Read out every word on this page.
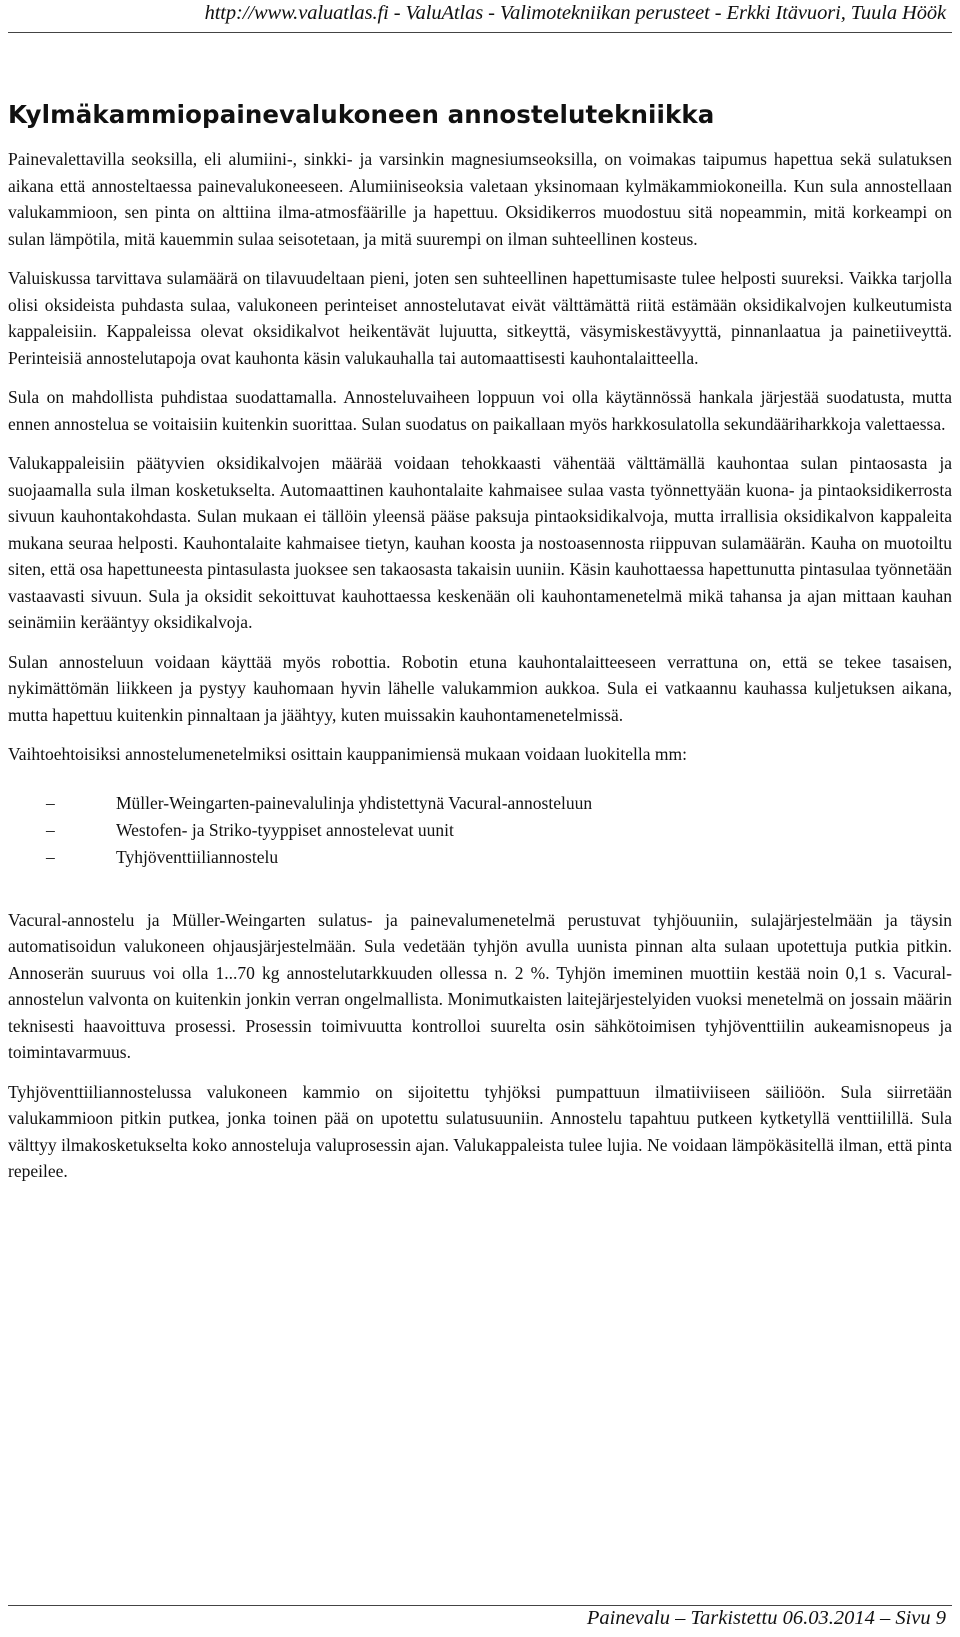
http://www.valuatlas.fi - ValuAtlas - Valimotekniikan perusteet - Erkki Itävuori, Tuula Höök
Kylmäkammiopainevalukoneen annostelutekniikka

Painevalettavilla seoksilla, eli alumiini-, sinkki- ja varsinkin magnesiumseoksilla, on voimakas taipumus hapettua sekä sulatuksen aikana että annosteltaessa painevalukoneeseen. Alumiiniseoksia valetaan yksinomaan kylmäkammiokoneilla. Kun sula annostellaan valukammioon, sen pinta on alttiina ilma-atmosfäärille ja hapettuu. Oksidikerros muodostuu sitä nopeammin, mitä korkeampi on sulan lämpötila, mitä kauemmin sulaa seisotetaan, ja mitä suurempi on ilman suhteellinen kosteus.

Valuiskussa tarvittava sulamäärä on tilavuudeltaan pieni, joten sen suhteellinen hapettumisaste tulee helposti suureksi. Vaikka tarjolla olisi oksideista puhdasta sulaa, valukoneen perinteiset annostelutavat eivät välttämättä riitä estämään oksidikalvojen kulkeutumista kappaleisiin. Kappaleissa olevat oksidikalvot heikentävät lujuutta, sitkeyttä, väsymiskestävyyttä, pinnanlaatua ja painetiiveyttä. Perinteisiä annostelutapoja ovat kauhonta käsin valukauhalla tai automaattisesti kauhontalaitteella.

Sula on mahdollista puhdistaa suodattamalla. Annosteluvaiheen loppuun voi olla käytännössä hankala järjestää suodatusta, mutta ennen annostelua se voitaisiin kuitenkin suorittaa. Sulan suodatus on paikallaan myös harkkosulatolla sekundääriharkkoja valettaessa.

Valukappaleisiin päätyvien oksidikalvojen määrää voidaan tehokkaasti vähentää välttämällä kauhontaa sulan pintaosasta ja suojaamalla sula ilman kosketukselta. Automaattinen kauhontalaite kahmaisee sulaa vasta työnnettyään kuona- ja pintaoksidikerrosta sivuun kauhontakohdasta. Sulan mukaan ei tällöin yleensä pääse paksuja pintaoksidikalvoja, mutta irrallisia oksidikalvon kappaleita mukana seuraa helposti. Kauhontalaite kahmaisee tietyn, kauhan koosta ja nostoasennosta riippuvan sulamäärän. Kauha on muotoiltu siten, että osa hapettuneesta pintasulasta juoksee sen takaosasta takaisin uuniin. Käsin kauhottaessa hapettunutta pintasulaa työnnetään vastaavasti sivuun. Sula ja oksidit sekoittuvat kauhottaessa keskenään oli kauhontamenetelmä mikä tahansa ja ajan mittaan kauhan seinämiin kerääntyy oksidikalvoja.

Sulan annosteluun voidaan käyttää myös robottia. Robotin etuna kauhontalaitteeseen verrattuna on, että se tekee tasaisen, nykimättömän liikkeen ja pystyy kauhomaan hyvin lähelle valukammion aukkoa. Sula ei vatkaannu kauhassa kuljetuksen aikana, mutta hapettuu kuitenkin pinnaltaan ja jäähtyy, kuten muissakin kauhontamenetelmissä.

Vaihtoehtoisiksi annostelumenetelmiksi osittain kauppanimiensä mukaan voidaan luokitella mm:

–	Müller-Weingarten-painevalulinja yhdistettynä Vacural-annosteluun
–	Westofen- ja Striko-tyyppiset annostelevat uunit
–	Tyhjöventtiiliannostelu

Vacural-annostelu ja Müller-Weingarten sulatus- ja painevalumenetelmä perustuvat tyhjöuuniin, sulajärjestelmään ja täysin automatisoidun valukoneen ohjausjärjestelmään. Sula vedetään tyhjön avulla uunista pinnan alta sulaan upotettuja putkia pitkin. Annoserän suuruus voi olla 1...70 kg annostelutarkkuuden ollessa n. 2 %. Tyhjön imeminen muottiin kestää noin 0,1 s. Vacural-annostelun valvonta on kuitenkin jonkin verran ongelmallista. Monimutkaisten laitejärjestelyiden vuoksi menetelmä on jossain määrin teknisesti haavoittuva prosessi. Prosessin toimivuutta kontrolloi suurelta osin sähkötoimisen tyhjöventtiilin aukeamisnopeus ja toimintavarmuus.

Tyhjöventtiiliannostelussa valukoneen kammio on sijoitettu tyhjöksi pumpattuun ilmatiiviiseen säiliöön. Sula siirretään valukammioon pitkin putkea, jonka toinen pää on upotettu sulatusuuniin. Annostelu tapahtuu putkeen kytketyllä venttiilillä. Sula välttyy ilmakosketukselta koko annosteluja valuprosessin ajan. Valukappaleista tulee lujia. Ne voidaan lämpökäsitellä ilman, että pinta repeilee.

Painevalu – Tarkistettu 06.03.2014 – Sivu 9
